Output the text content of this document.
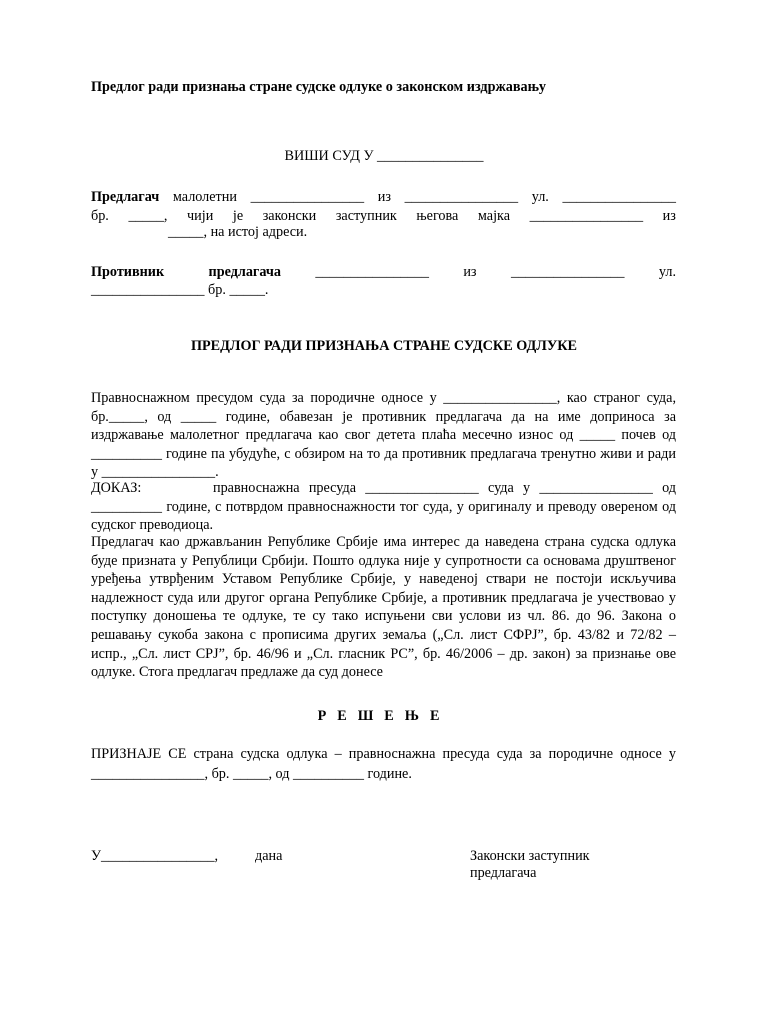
Предлог ради признања стране судске одлуке о законском издржавању
ВИШИ СУД У _______________
Предлагач малолетни ________________ из ________________ ул. ________________
бр. _____, чији је законски заступник његова мајка ________________ из
_____, на истој адреси.
Противник	предлагача ________________ из ________________ ул.
________________ бр. _____.
ПРЕДЛОГ РАДИ ПРИЗНАЊА СТРАНЕ СУДСКЕ ОДЛУКЕ
Правноснажном пресудом суда за породичне односе у ________________, као страног суда, бр._____, од _____ године, обавезан је противник предлагача да на име доприноса за издржавање малолетног предлагача као свог детета плаћа месечно износ од _____ почев од __________ године па убудуће, с обзиром на то да противник предлагача тренутно живи и ради у ________________.
ДОКАЗ:	правноснажна пресуда ________________ суда у ________________ од __________ године, с потврдом правноснажности тог суда, у оригиналу и преводу овереном од судског преводиоца.
Предлагач као држављанин Републике Србије има интерес да наведена страна судска одлука буде призната у Републици Србији. Пошто одлука није у супротности са основама друштвеног уређења утврђеним Уставом Републике Србије, у наведеној ствари не постоји искључива надлежност суда или другог органа Републике Србије, а противник предлагача је учествовао у поступку доношења те одлуке, те су тако испуњени сви услови из чл. 86. до 96. Закона о решавању сукоба закона с прописима других земаља („Сл. лист СФРЈ”, бр. 43/82 и 72/82 – испр., „Сл. лист СРЈ”, бр. 46/96 и „Сл. гласник РС”, бр. 46/2006 – др. закон) за признање ове одлуке. Стога предлагач предлаже да суд донесе
РЕШЕЊЕ
ПРИЗНАЈЕ СЕ страна судска одлука – правноснажна пресуда суда за породичне односе у ________________, бр. _____, од __________ године.
У________________,	дана	Законски заступник
предлагача
